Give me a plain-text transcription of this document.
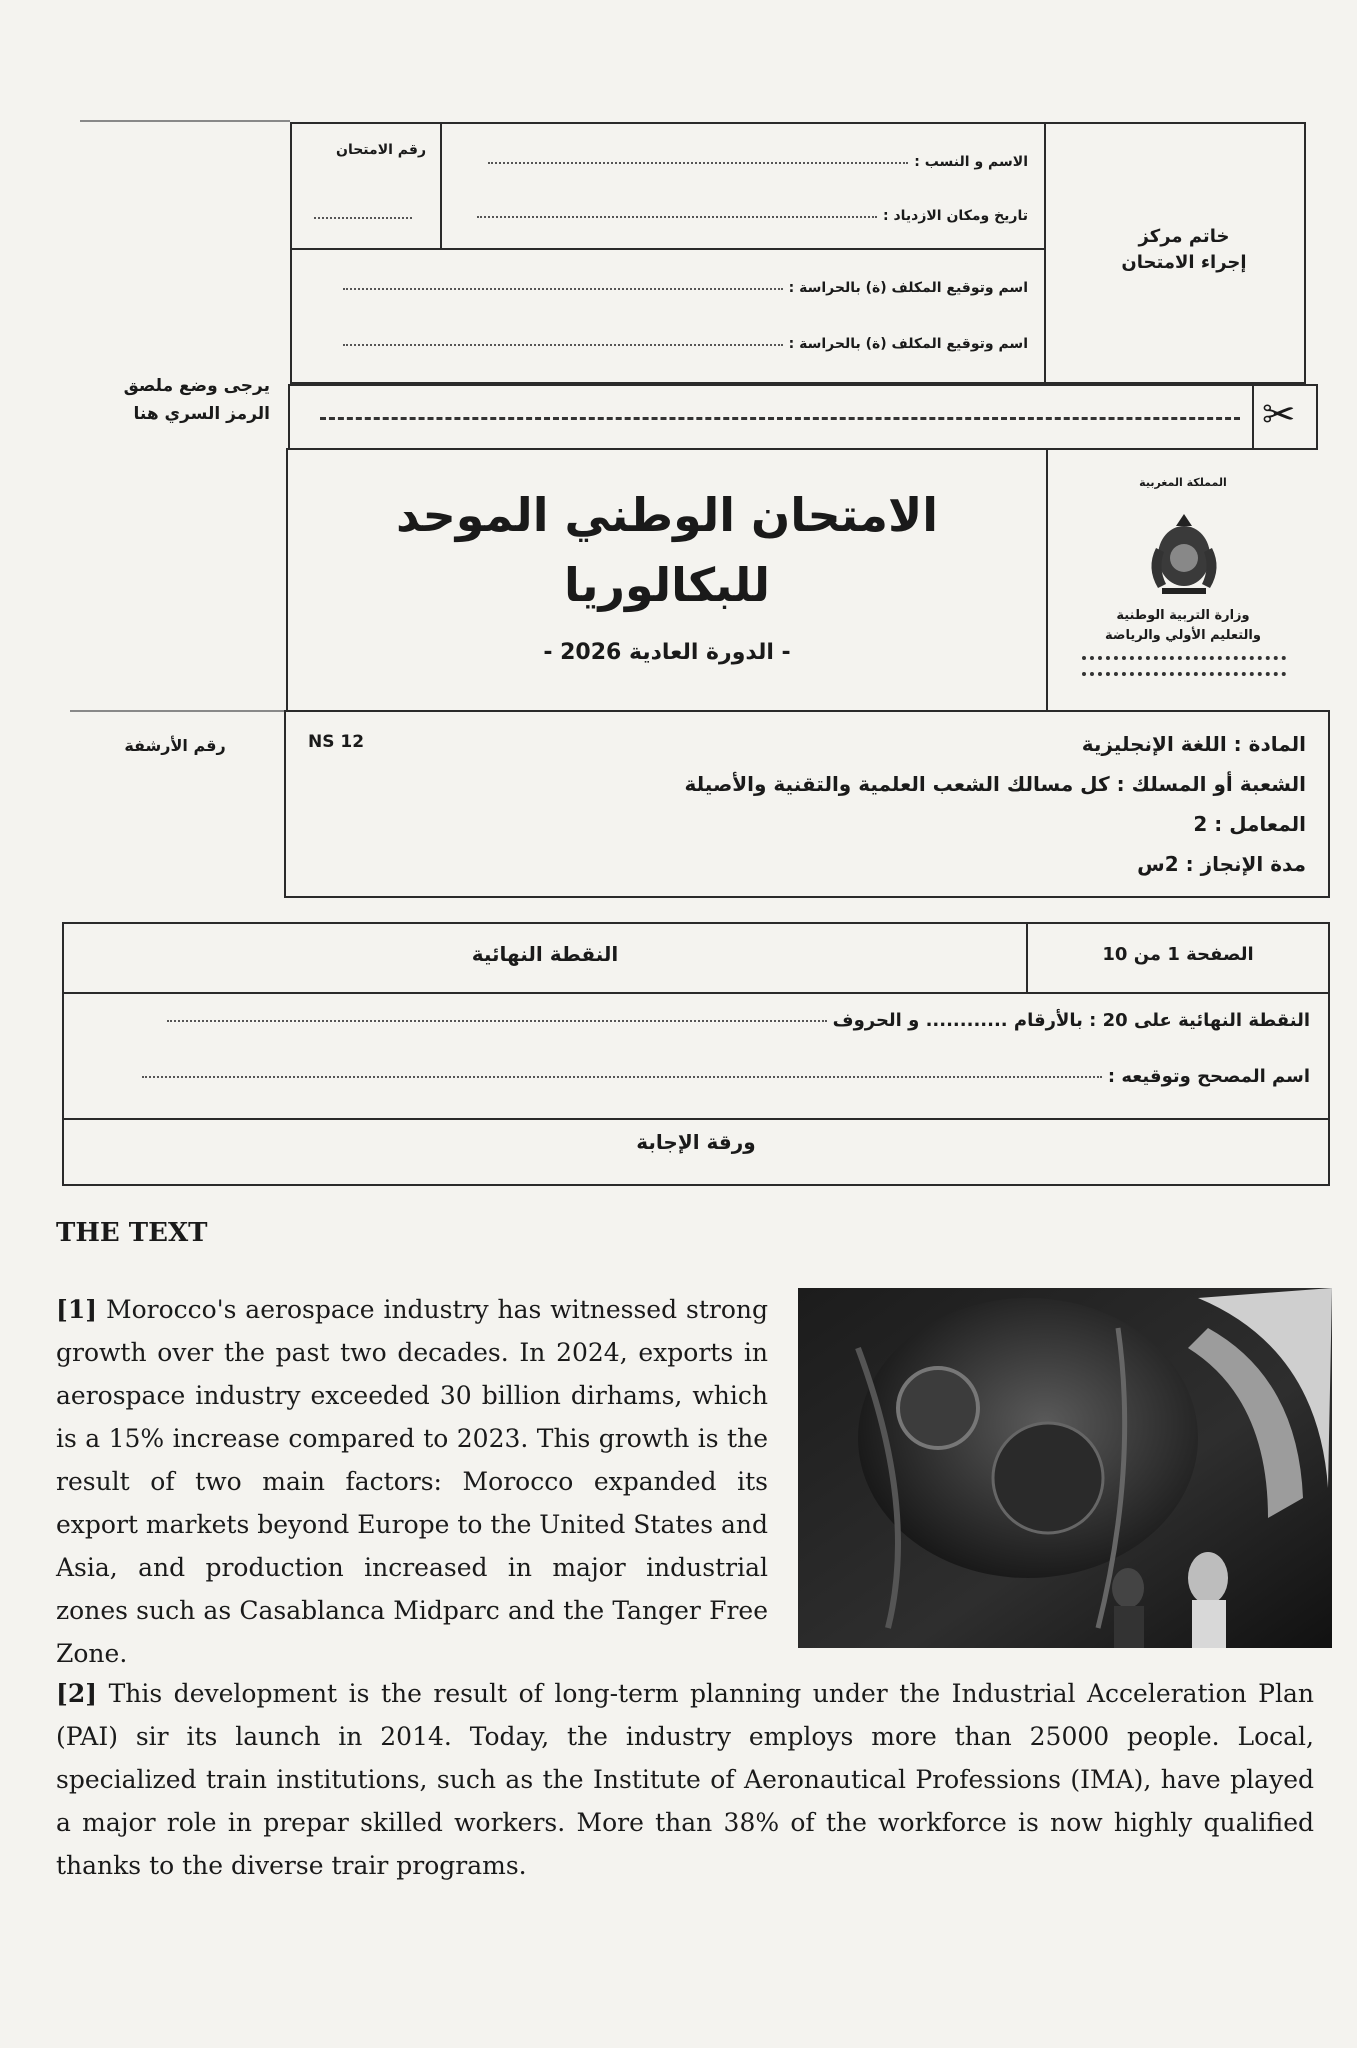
رقم الامتحان
الاسم و النسب :
تاريخ ومكان الازدياد :
اسم وتوقيع المكلف (ة) بالحراسة :
اسم وتوقيع المكلف (ة) بالحراسة :
خاتم مركز إجراء الامتحان
يرجى وضع ملصق الرمز السري هنا	✂
الامتحان الوطني الموحد
للبكالوريا
- الدورة العادية 2026 -
المملكة المغربية
وزارة التربية الوطنية
والتعليم الأولي والرياضة
رقم الأرشفة	NS 12	المادة : اللغة الإنجليزية
الشعبة أو المسلك : كل مسالك الشعب العلمية والتقنية والأصيلة
المعامل : 2
مدة الإنجاز : 2س
النقطة النهائية	الصفحة 1 من 10
النقطة النهائية على 20 : بالأرقام ............ و الحروف
اسم المصحح وتوقيعه :
ورقة الإجابة
THE TEXT

[1] Morocco's aerospace industry has witnessed strong growth over the past two decades. In 2024, exports in aerospace industry exceeded 30 billion dirhams, which is a 15% increase compared to 2023. This growth is the result of two main factors: Morocco expanded its export markets beyond Europe to the United States and Asia, and production increased in major industrial zones such as Casablanca Midparc and the Tanger Free Zone.

[2] This development is the result of long-term planning under the Industrial Acceleration Plan (PAI) sir its launch in 2014. Today, the industry employs more than 25000 people. Local, specialized train institutions, such as the Institute of Aeronautical Professions (IMA), have played a major role in prepar skilled workers. More than 38% of the workforce is now highly qualified thanks to the diverse trair programs.
